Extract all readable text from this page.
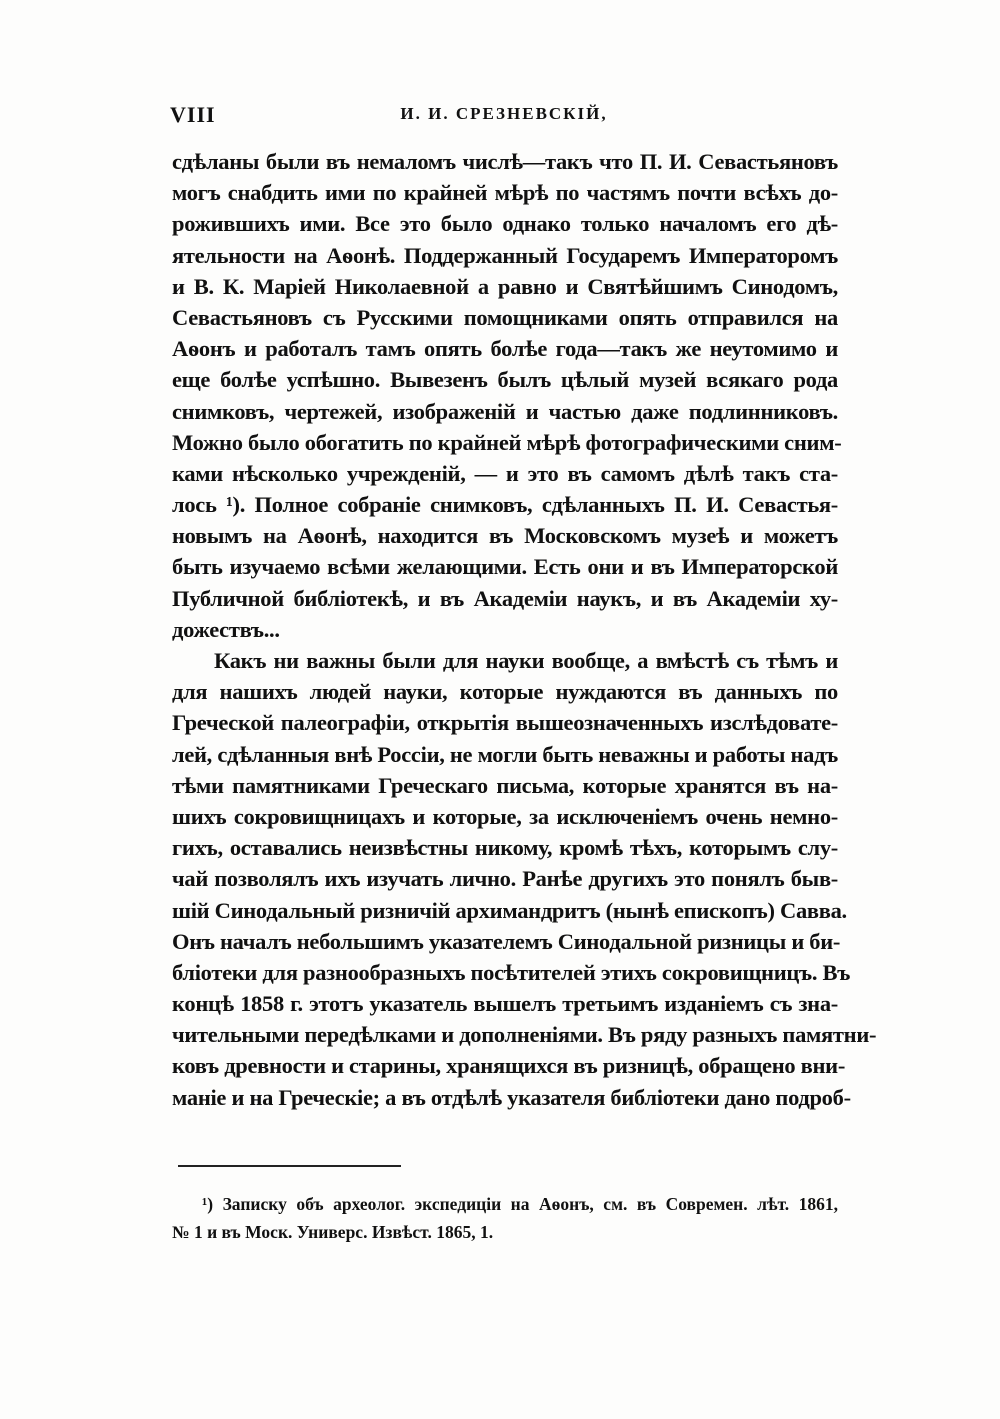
VIII	И. И. СРЕЗНЕВСКІЙ,
сдѣланы были въ немаломъ числѣ—такъ что П. И. Севастьяновъ
могъ снабдить ими по крайней мѣрѣ по частямъ почти всѣхъ до-
рожившихъ ими. Все это было однако только началомъ его дѣ-
ятельности на Аѳонѣ. Поддержанный Государемъ Императоромъ
и В. К. Маріей Николаевной а равно и Святѣйшимъ Синодомъ,
Севастьяновъ съ Русскими помощниками опять отправился на
Аѳонъ и работалъ тамъ опять болѣе года—такъ же неутомимо и
еще болѣе успѣшно. Вывезенъ былъ цѣлый музей всякаго рода
снимковъ, чертежей, изображеній и частью даже подлинниковъ.
Можно было обогатить по крайней мѣрѣ фотографическими сним-
ками нѣсколько учрежденій, — и это въ самомъ дѣлѣ такъ ста-
лось ¹). Полное собраніе снимковъ, сдѣланныхъ П. И. Севастья-
новымъ на Аѳонѣ, находится въ Московскомъ музеѣ и можетъ
быть изучаемо всѣми желающими. Есть они и въ Императорской
Публичной библіотекѣ, и въ Академіи наукъ, и въ Академіи ху-
дожествъ...
Какъ ни важны были для науки вообще, а вмѣстѣ съ тѣмъ и
для нашихъ людей науки, которые нуждаются въ данныхъ по
Греческой палеографіи, открытія вышеозначенныхъ изслѣдовате-
лей, сдѣланныя внѣ Россіи, не могли быть неважны и работы надъ
тѣми памятниками Греческаго письма, которые хранятся въ на-
шихъ сокровищницахъ и которые, за исключеніемъ очень немно-
гихъ, оставались неизвѣстны никому, кромѣ тѣхъ, которымъ слу-
чай позволялъ ихъ изучать лично. Ранѣе другихъ это понялъ быв-
шій Синодальный ризничій архимандритъ (нынѣ епископъ) Савва.
Онъ началъ небольшимъ указателемъ Синодальной ризницы и би-
бліотеки для разнообразныхъ посѣтителей этихъ сокровищницъ. Въ
концѣ 1858 г. этотъ указатель вышелъ третьимъ изданіемъ съ зна-
чительными передѣлками и дополненіями. Въ ряду разныхъ памятни-
ковъ древности и старины, хранящихся въ ризницѣ, обращено вни-
маніе и на Греческіе; а въ отдѣлѣ указателя библіотеки дано подроб-
¹) Записку объ археолог. экспедиціи на Аѳонъ, см. въ Современ. лѣт. 1861,
№ 1 и въ Моск. Универс. Извѣст. 1865, 1.
